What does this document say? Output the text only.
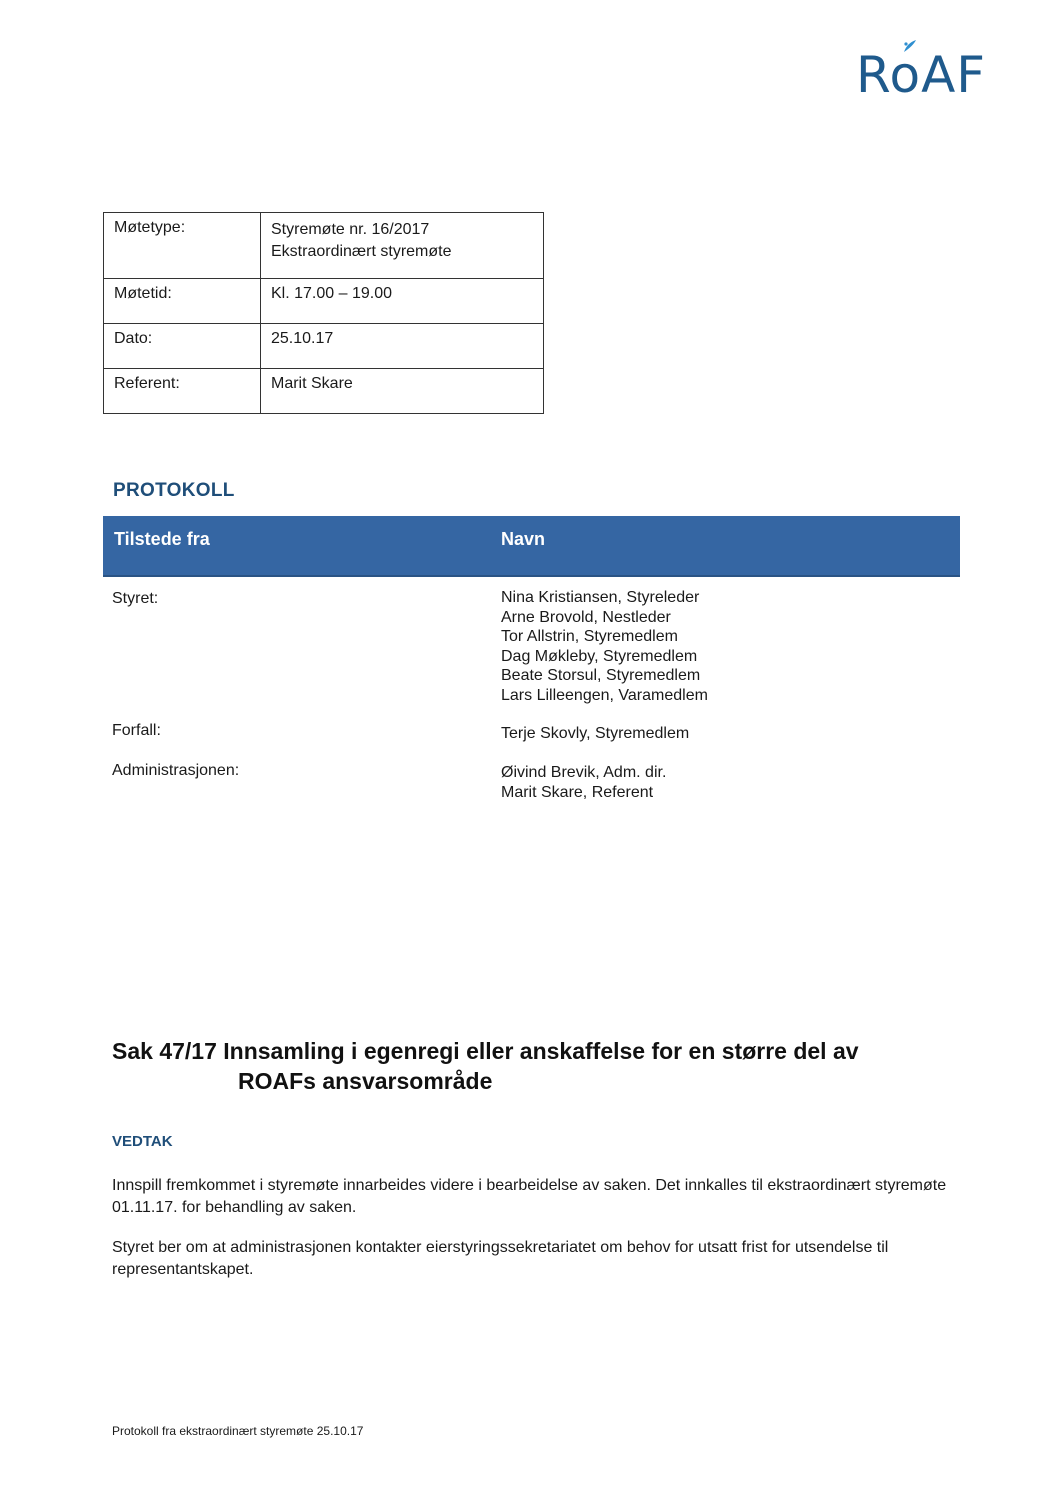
RoAF
Møtetype:	Styremøte nr. 16/2017
Ekstraordinært styremøte

Møtetid:	Kl. 17.00 – 19.00
Dato:	25.10.17
Referent:	Marit Skare
PROTOKOLL
Tilstede fra	Navn
Styret:	Nina Kristiansen, Styreleder
Arne Brovold, Nestleder
Tor Allstrin, Styremedlem
Dag Møkleby, Styremedlem
Beate Storsul, Styremedlem
Lars Lilleengen, Varamedlem
Forfall:	Terje Skovly, Styremedlem
Administrasjonen:	Øivind Brevik, Adm. dir.
Marit Skare, Referent
Sak 47/17 Innsamling i egenregi eller anskaffelse for en større del av
ROAFs ansvarsområde
VEDTAK

Innspill fremkommet i styremøte innarbeides videre i bearbeidelse av saken. Det innkalles til ekstraordinært styremøte 01.11.17. for behandling av saken.

Styret ber om at administrasjonen kontakter eierstyringssekretariatet om behov for utsatt frist for utsendelse til representantskapet.

Protokoll fra ekstraordinært styremøte 25.10.17
